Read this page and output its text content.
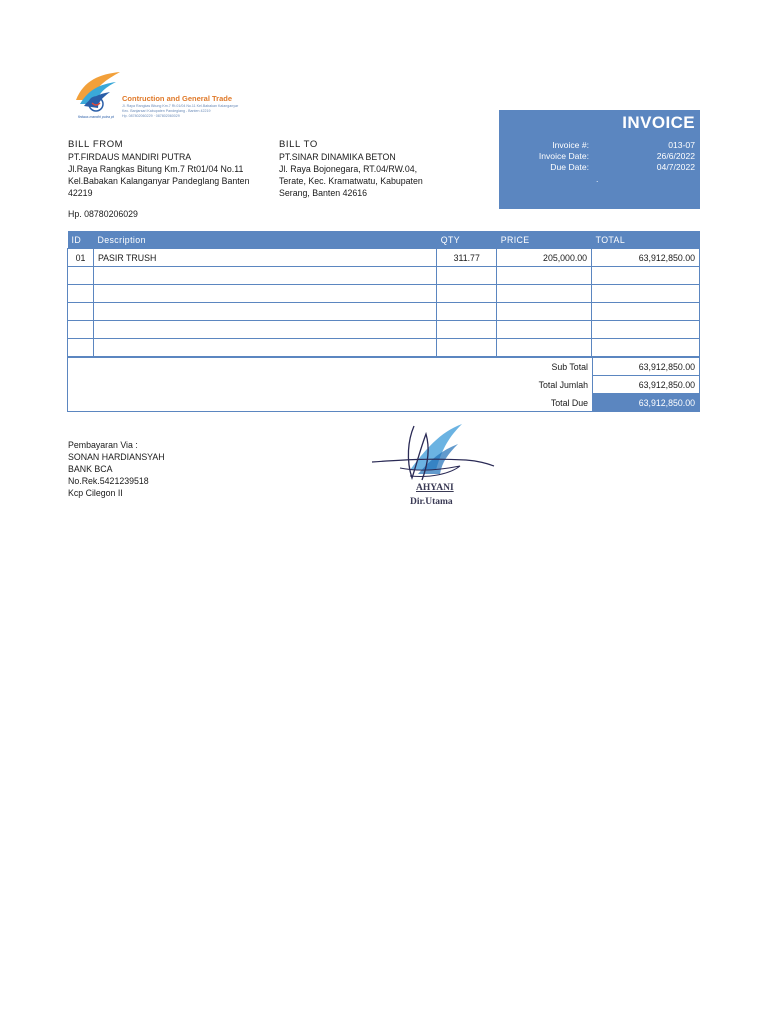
Contruction and General Trade
Jl. Raya Rangkas Bitung Km.7 Rt.01/04 No.11 Kel.Babakan Kalanganyar
Kec. Banjarsari Kabupaten Pandeglang - Banten 42219
Hp. 087802060229 · 087802060029
firdaus mandiri putra pt
BILL FROM
PT.FIRDAUS MANDIRI PUTRA
Jl.Raya Rangkas Bitung Km.7 Rt01/04 No.11
Kel.Babakan Kalanganyar Pandeglang Banten
42219
Hp. 08780206029
BILL TO
PT.SINAR DINAMIKA BETON
Jl. Raya Bojonegara, RT.04/RW.04,
Terate, Kec. Kramatwatu, Kabupaten
Serang, Banten 42616
INVOICE
Invoice #:	013-07
Invoice Date:	26/6/2022
Due Date:	04/7/2022
.
ID	Description	QTY	PRICE	TOTAL
01	PASIR TRUSH	311.77	205,000.00	63,912,850.00

Sub Total	63,912,850.00
Total Jumlah	63,912,850.00
Total Due	63,912,850.00
Pembayaran Via :
SONAN HARDIANSYAH
BANK BCA
No.Rek.5421239518
Kcp Cilegon II	AHYANI
Dir.Utama
